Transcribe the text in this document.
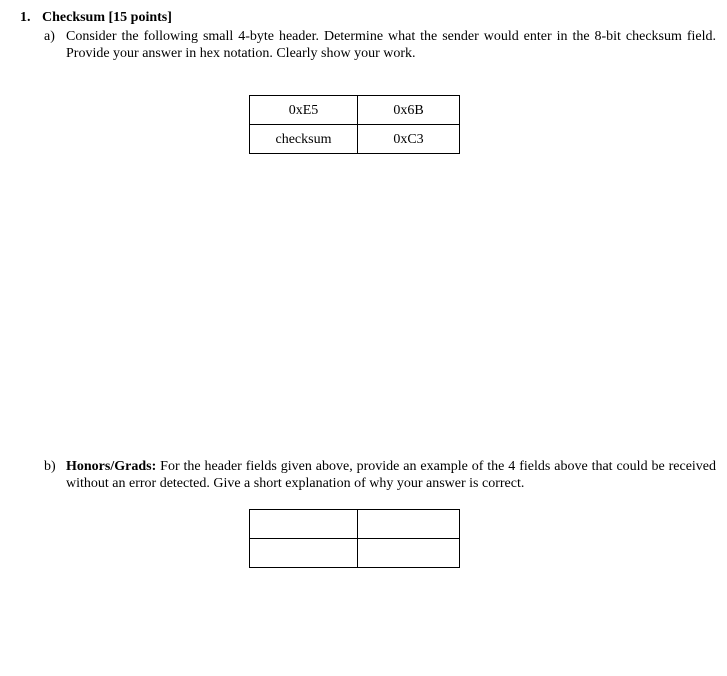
1. Checksum [15 points]
a) Consider the following small 4-byte header. Determine what the sender would enter in the 8-bit checksum field. Provide your answer in hex notation. Clearly show your work.
0xE5	0x6B
checksum	0xC3
b) Honors/Grads: For the header fields given above, provide an example of the 4 fields above that could be received without an error detected. Give a short explanation of why your answer is correct.
